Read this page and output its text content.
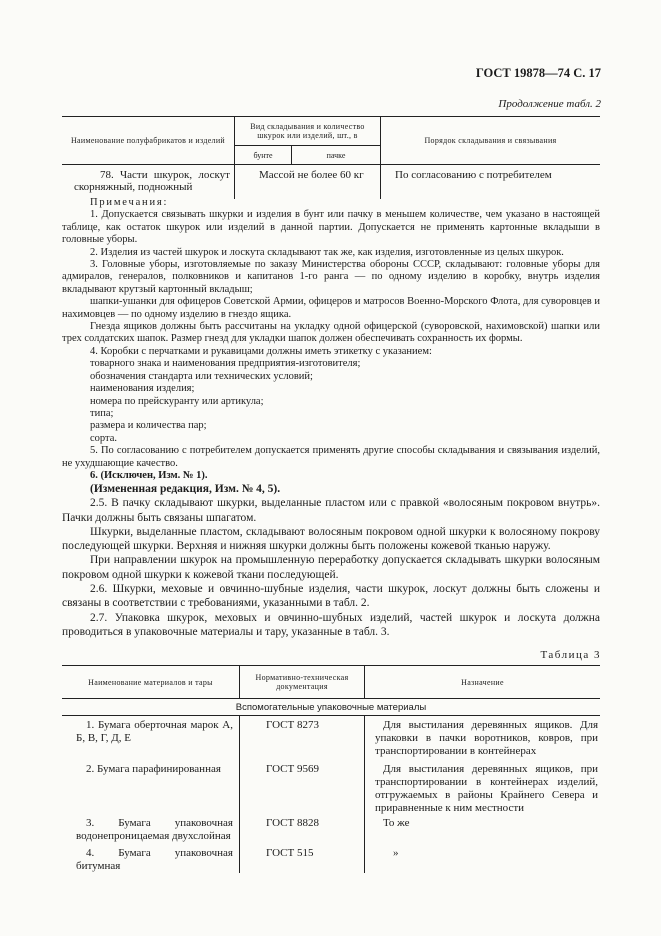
ГОСТ 19878—74 С. 17
Продолжение табл. 2
Наименование полуфабрикатов и изделий	Вид складывания и количество шкурок или изделий, шт., в		Порядок складывания и связывания
	бунте	пачке	
78. Части шкурок, лоскут скорняжный, подножный	Массой не более 60 кг		По согласованию с потребителем

Примечания:

1. Допускается связывать шкурки и изделия в бунт или пачку в меньшем количестве, чем указано в настоящей таблице, как остаток шкурок или изделий в данной партии. Допускается не применять картонные вкладыши в головные уборы.

2. Изделия из частей шкурок и лоскута складывают так же, как изделия, изготовленные из целых шкурок.

3. Головные уборы, изготовляемые по заказу Министерства обороны СССР, складывают: головные уборы для адмиралов, генералов, полковников и капитанов 1-го ранга — по одному изделию в коробку, внутрь изделия вкладывают крутзый картонный вкладыш;

шапки-ушанки для офицеров Советской Армии, офицеров и матросов Военно-Морского Флота, для суворовцев и нахимовцев — по одному изделию в гнездо ящика.

Гнезда ящиков должны быть рассчитаны на укладку одной офицерской (суворовской, нахимовской) шапки или трех солдатских шапок. Размер гнезд для укладки шапок должен обеспечивать сохранность их формы.

4. Коробки с перчатками и рукавицами должны иметь этикетку с указанием:

товарного знака и наименования предприятия-изготовителя;

обозначения стандарта или технических условий;

наименования изделия;

номера по прейскуранту или артикула;

типа;

размера и количества пар;

сорта.

5. По согласованию с потребителем допускается применять другие способы складывания и связывания изделий, не ухудшающие качество.

6. (Исключен, Изм. № 1).

(Измененная редакция, Изм. № 4, 5).

2.5. В пачку складывают шкурки, выделанные пластом или с правкой «волосяным покровом внутрь». Пачки должны быть связаны шпагатом.

Шкурки, выделанные пластом, складывают волосяным покровом одной шкурки к волосяному покрову последующей шкурки. Верхняя и нижняя шкурки должны быть положены кожевой тканью наружу.

При направлении шкурок на промышленную переработку допускается складывать шкурки волосяным покровом одной шкурки к кожевой ткани последующей.

2.6. Шкурки, меховые и овчинно-шубные изделия, части шкурок, лоскут должны быть сложены и связаны в соответствии с требованиями, указанными в табл. 2.

2.7. Упаковка шкурок, меховых и овчинно-шубных изделий, частей шкурок и лоскута должна проводиться в упаковочные материалы и тару, указанные в табл. 3.

Таблица 3
Наименование материалов и тары	Нормативно-техническая документация	Назначение
Вспомогательные упаковочные материалы		
1. Бумага оберточная марок А, Б, В, Г, Д, Е	ГОСТ 8273	Для выстилания деревянных ящиков. Для упаковки в пачки воротников, ковров, при транспортировании в контейнерах
2. Бумага парафинированная	ГОСТ 9569	Для выстилания деревянных ящиков, при транспортировании в контейнерах изделий, отгружаемых в районы Крайнего Севера и приравненные к ним местности
3. Бумага упаковочная водонепроницаемая двухслойная	ГОСТ 8828	То же
4. Бумага упаковочная битумная	ГОСТ 515	»
